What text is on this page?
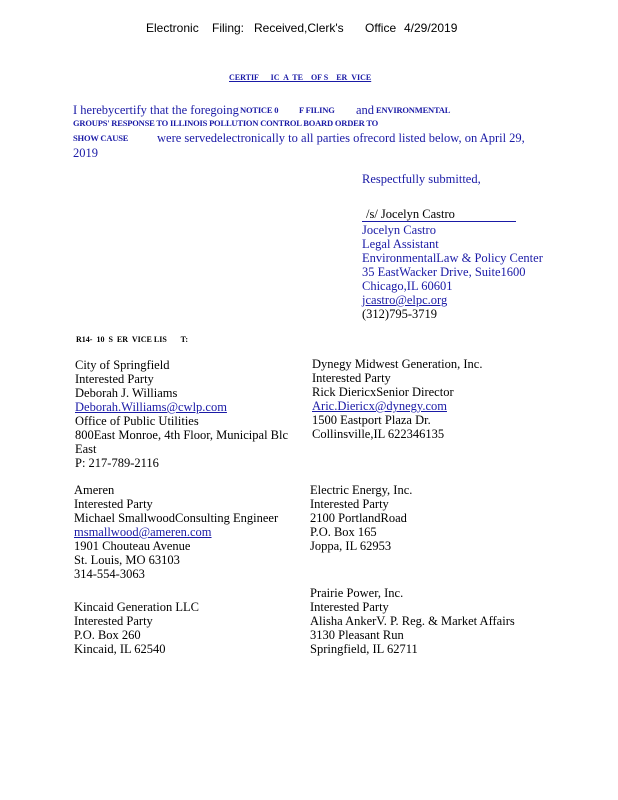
Electronic Filing: Received,Clerk's Office 4/29/2019
CERTIF      IC  A  TE    OF S    ER  VICE
I herebycertify that the foregoing NOTICE 0 F FILING and ENVIRONMENTAL
GROUPS' RESPONSE TO ILLINOIS POLLUTION CONTROL BOARD ORDER TO
SHOW CAUSE were servedelectronically to all parties ofrecord listed below, on April 29,
2019
Respectfully submitted,
/s/ Jocelyn Castro
Jocelyn Castro
Legal Assistant
EnvironmentalLaw & Policy Center
35 EastWacker Drive, Suite1600
Chicago,IL 60601
jcastro@elpc.org
(312)795-3719
R14-  10  S  ER  VICE LIS       T:
City of Springfield
Interested Party
Deborah J. Williams
Deborah.Williams@cwlp.com
Office of Public Utilities
800East Monroe, 4th Floor, Municipal Blc
East
P: 217-789-2116
Ameren
Interested Party
Michael SmallwoodConsulting Engineer
msmallwood@ameren.com
1901 Chouteau Avenue
St. Louis, MO 63103
314-554-3063
Kincaid Generation LLC
Interested Party
P.O. Box 260
Kincaid, IL 62540
Dynegy Midwest Generation, Inc.
Interested Party
Rick DiericxSenior Director
Aric.Diericx@dynegy.com
1500 Eastport Plaza Dr.
Collinsville,IL 622346135
Electric Energy, Inc.
Interested Party
2100 PortlandRoad
P.O. Box 165
Joppa, IL 62953
Prairie Power, Inc.
Interested Party
Alisha AnkerV. P. Reg. & Market Affairs
3130 Pleasant Run
Springfield, IL 62711
